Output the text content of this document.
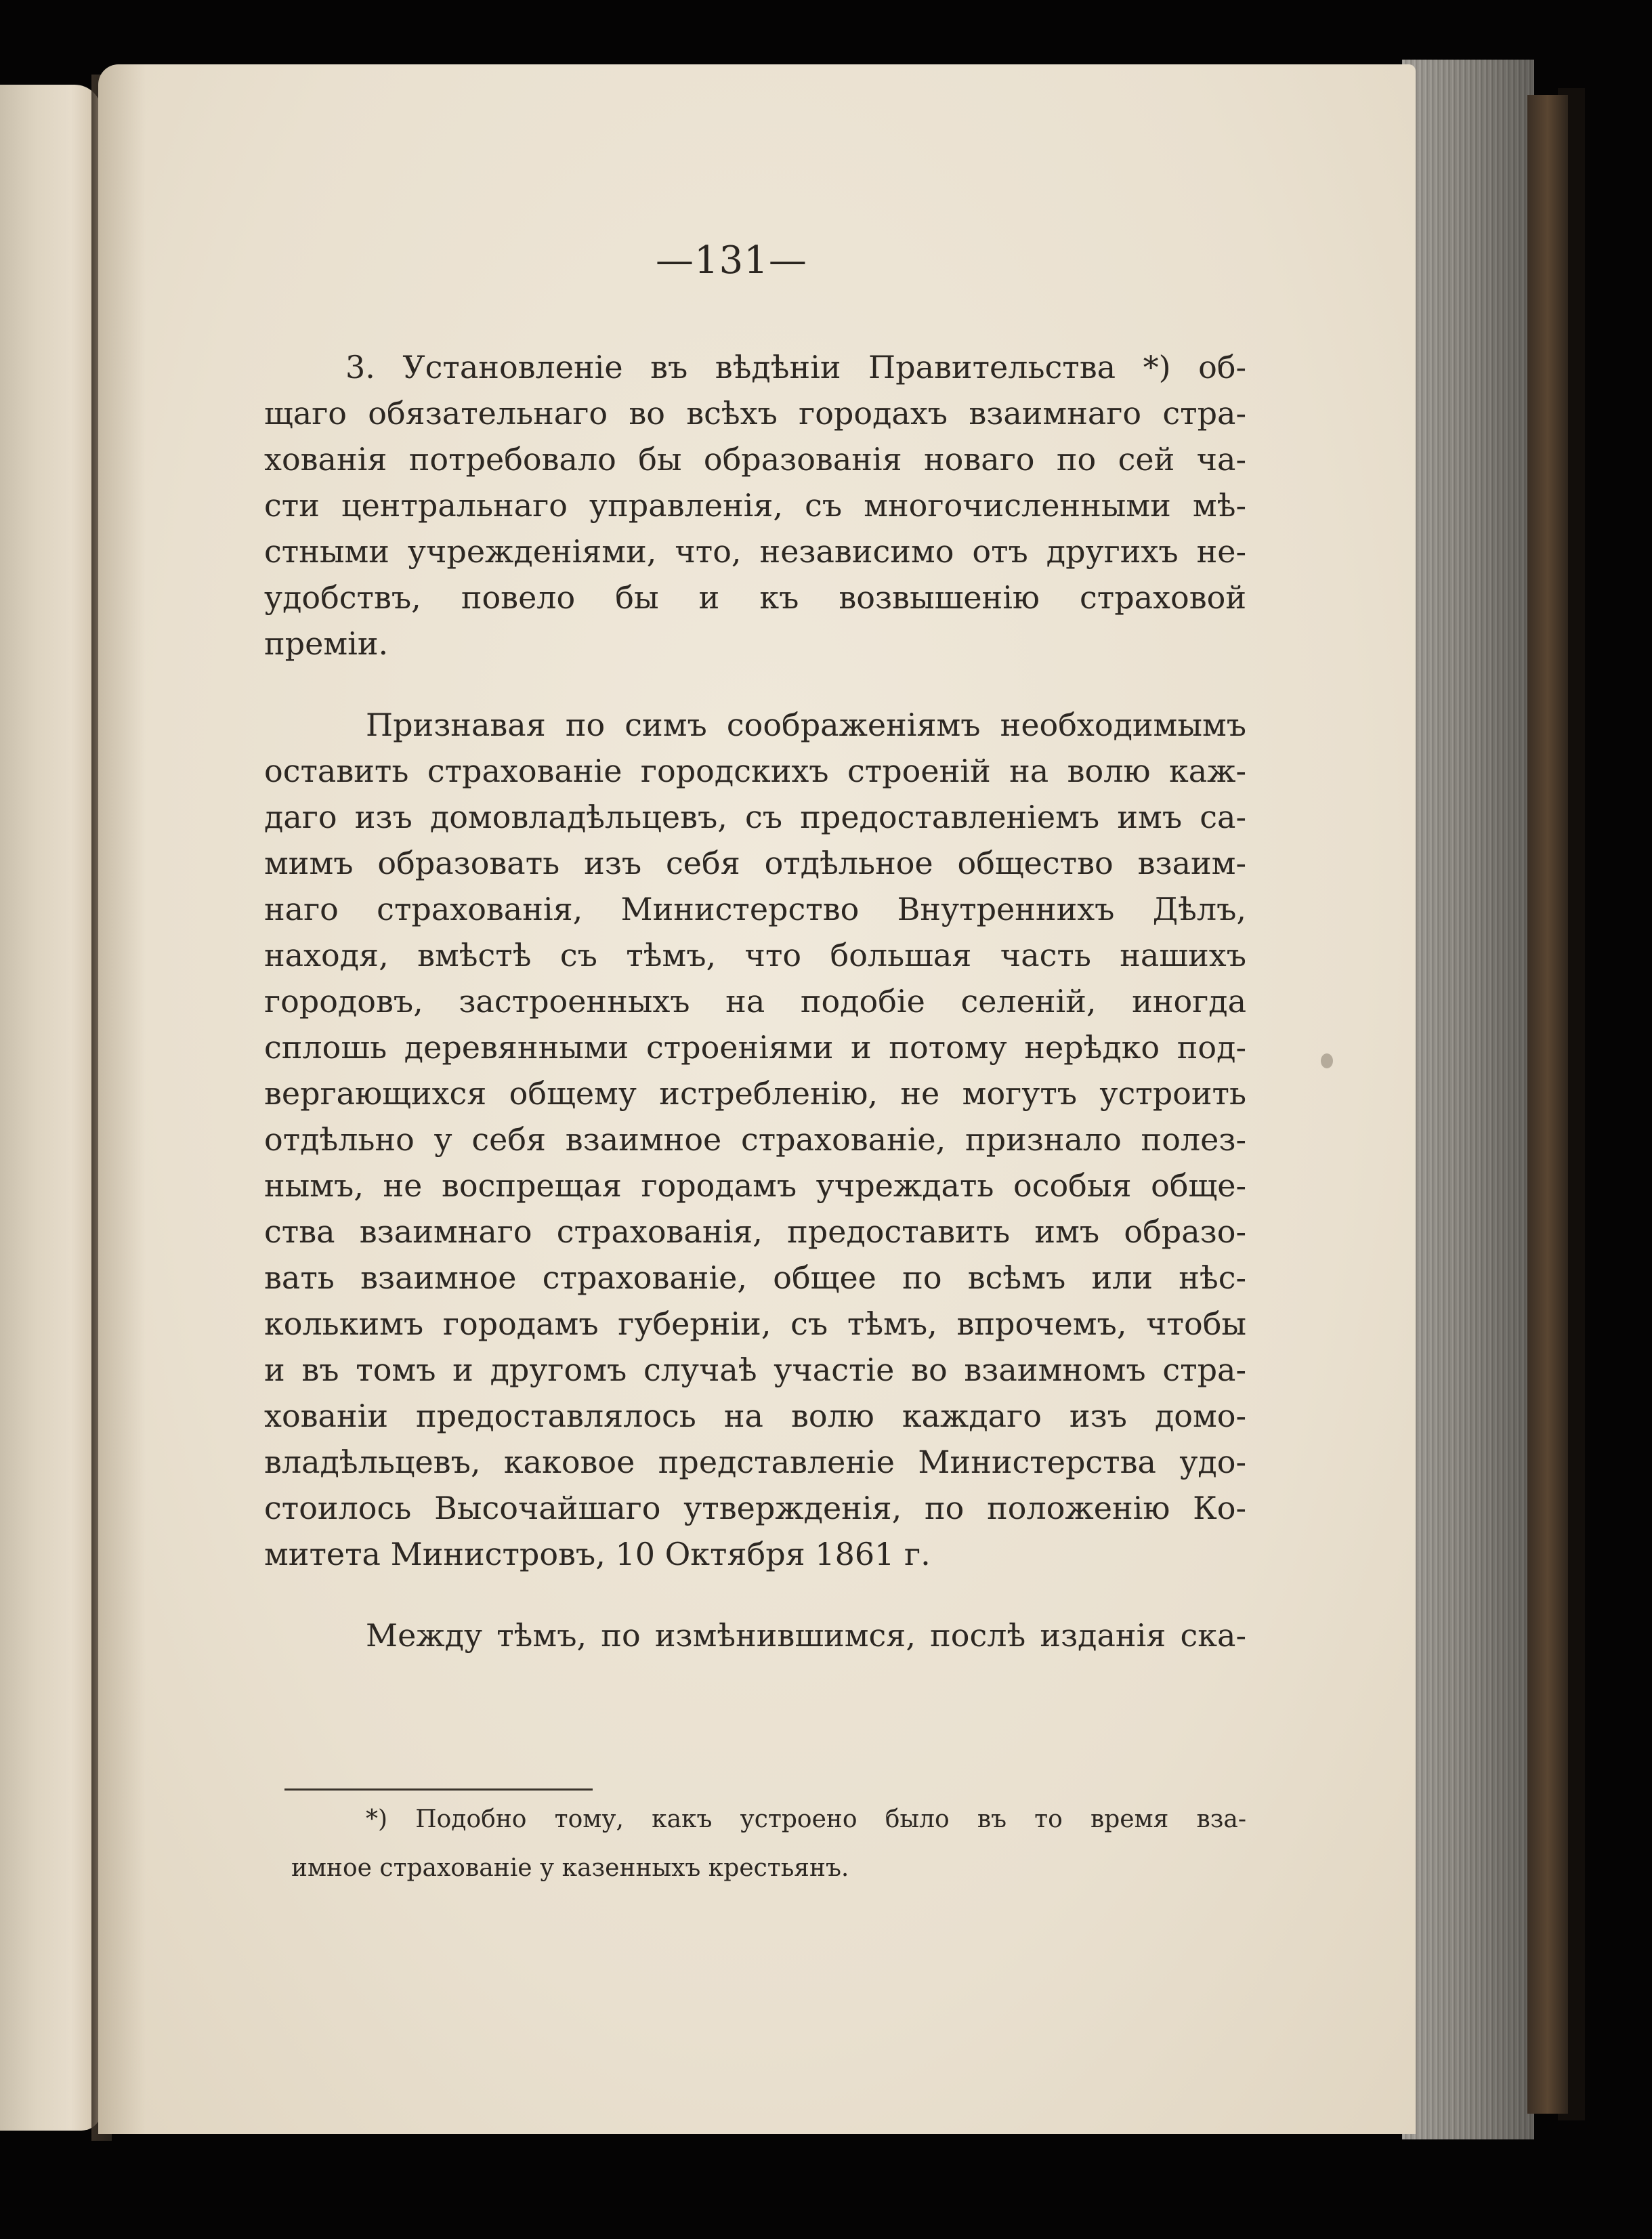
—131—
3. Установленіе въ вѣдѣніи Правительства *) об-
щаго обязательнаго во всѣхъ городахъ взаимнаго стра-
хованія потребовало бы образованія новаго по сей ча-
сти центральнаго управленія, съ многочисленными мѣ-
стными учрежденіями, что, независимо отъ другихъ не-
удобствъ, повело бы и къ возвышенію страховой
преміи.
Признавая по симъ соображеніямъ необходимымъ
оставить страхованіе городскихъ строеній на волю каж-
даго изъ домовладѣльцевъ, съ предоставленіемъ имъ са-
мимъ образовать изъ себя отдѣльное общество взаим-
наго страхованія, Министерство Внутреннихъ Дѣлъ,
находя, вмѣстѣ съ тѣмъ, что большая часть нашихъ
городовъ, застроенныхъ на подобіе селеній, иногда
сплошь деревянными строеніями и потому нерѣдко под-
вергающихся общему истребленію, не могутъ устроить
отдѣльно у себя взаимное страхованіе, признало полез-
нымъ, не воспрещая городамъ учреждать особыя обще-
ства взаимнаго страхованія, предоставить имъ образо-
вать взаимное страхованіе, общее по всѣмъ или нѣс-
колькимъ городамъ губерніи, съ тѣмъ, впрочемъ, чтобы
и въ томъ и другомъ случаѣ участіе во взаимномъ стра-
хованіи предоставлялось на волю каждаго изъ домо-
владѣльцевъ, каковое представленіе Министерства удо-
стоилось Высочайшаго утвержденія, по положенію Ко-
митета Министровъ, 10 Октября 1861 г.
Между тѣмъ, по измѣнившимся, послѣ изданія ска-
*) Подобно тому, какъ устроено было въ то время вза-
имное страхованіе у казенныхъ крестьянъ.
